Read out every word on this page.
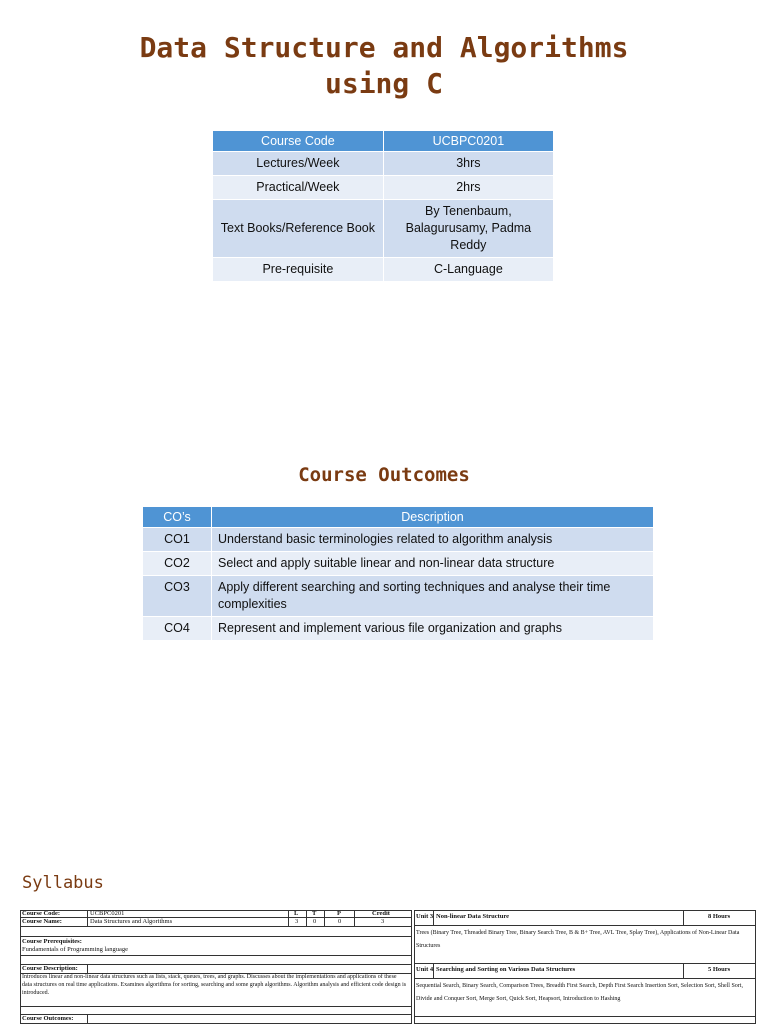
Data Structure and Algorithms using C
Course Code	UCBPC0201
Lectures/Week	3hrs
Practical/Week	2hrs
Text Books/Reference Book	By Tenenbaum, Balagurusamy, Padma Reddy
Pre-requisite	C-Language
Course Outcomes
CO’s	Description
CO1	Understand basic terminologies related to algorithm analysis
CO2	Select and apply suitable linear and non-linear data structure
CO3	Apply different searching and sorting techniques and analyse their time complexities
CO4	Represent and implement various file organization and graphs
Syllabus
Course Code:	UCBPC0201	L T	P	Credit
Course Name:	Data Structures and Algorithms	3 0	0	3
Course Prerequisites:
Fundamentals of Programming language
Course Description:
Introduces linear and non-linear data structures such as lists, stack, queues, trees, and graphs. Discusses about the implementations and applications of these data structures on real time applications. Examines algorithms for sorting, searching and some graph algorithms. Algorithm analysis and efficient code design is introduced.
Course Outcomes:
Unit 3 Non-linear Data Structure	8 Hours
Trees (Binary Tree, Threaded Binary Tree, Binary Search Tree, B & B+ Tree, AVL Tree, Splay Tree), Applications of Non-Linear Data Structures
Unit 4 Searching and Sorting on Various Data Structures	5 Hours
Sequential Search, Binary Search, Comparison Trees, Breadth First Search, Depth First Search Insertion Sort, Selection Sort, Shell Sort, Divide and Conquer Sort, Merge Sort, Quick Sort, Heapsort, Introduction to Hashing
